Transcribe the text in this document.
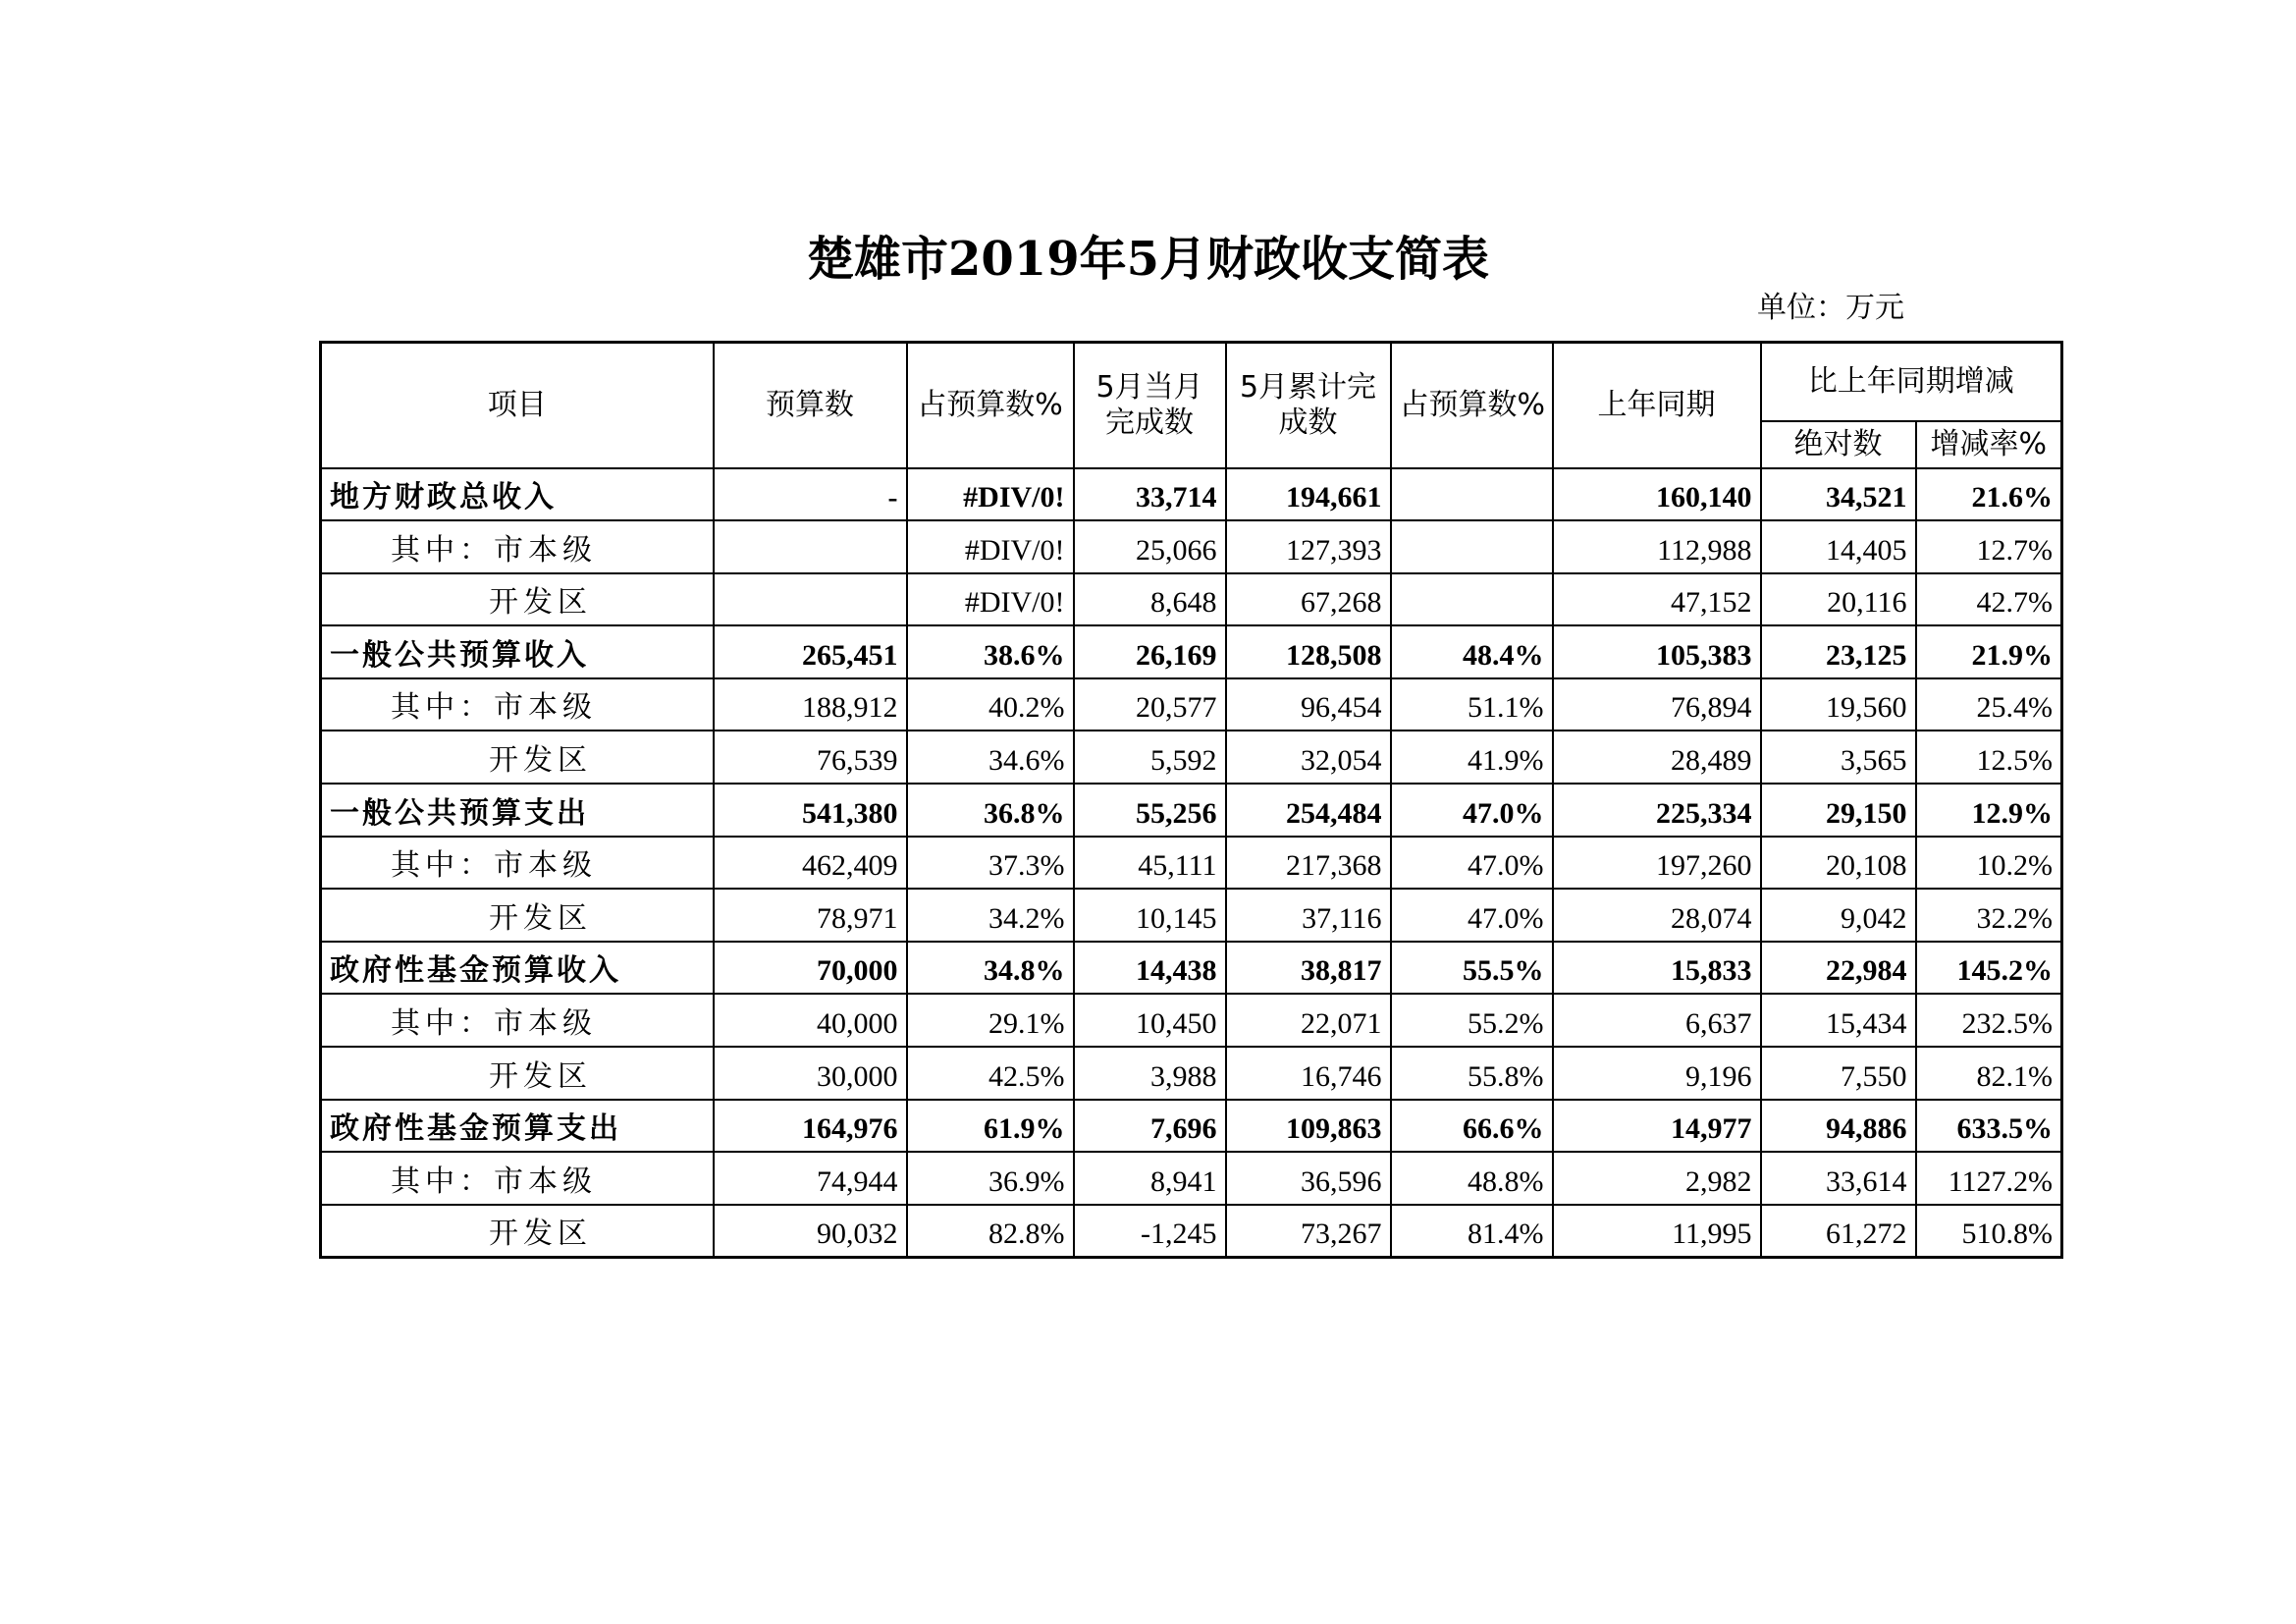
楚雄市2019年5月财政收支简表
单位：万元
项目	预算数	占预算数%	5月当月完成数	5月累计完成数	占预算数%	上年同期	比上年同期增减	
							绝对数	增减率%
地方财政总收入	-	#DIV/0!	33,714	194,661		160,140	34,521	21.6%
其中：市本级		#DIV/0!	25,066	127,393		112,988	14,405	12.7%
开发区		#DIV/0!	8,648	67,268		47,152	20,116	42.7%
一般公共预算收入	265,451	38.6%	26,169	128,508	48.4%	105,383	23,125	21.9%
其中：市本级	188,912	40.2%	20,577	96,454	51.1%	76,894	19,560	25.4%
开发区	76,539	34.6%	5,592	32,054	41.9%	28,489	3,565	12.5%
一般公共预算支出	541,380	36.8%	55,256	254,484	47.0%	225,334	29,150	12.9%
其中：市本级	462,409	37.3%	45,111	217,368	47.0%	197,260	20,108	10.2%
开发区	78,971	34.2%	10,145	37,116	47.0%	28,074	9,042	32.2%
政府性基金预算收入	70,000	34.8%	14,438	38,817	55.5%	15,833	22,984	145.2%
其中：市本级	40,000	29.1%	10,450	22,071	55.2%	6,637	15,434	232.5%
开发区	30,000	42.5%	3,988	16,746	55.8%	9,196	7,550	82.1%
政府性基金预算支出	164,976	61.9%	7,696	109,863	66.6%	14,977	94,886	633.5%
其中：市本级	74,944	36.9%	8,941	36,596	48.8%	2,982	33,614	1127.2%
开发区	90,032	82.8%	-1,245	73,267	81.4%	11,995	61,272	510.8%
